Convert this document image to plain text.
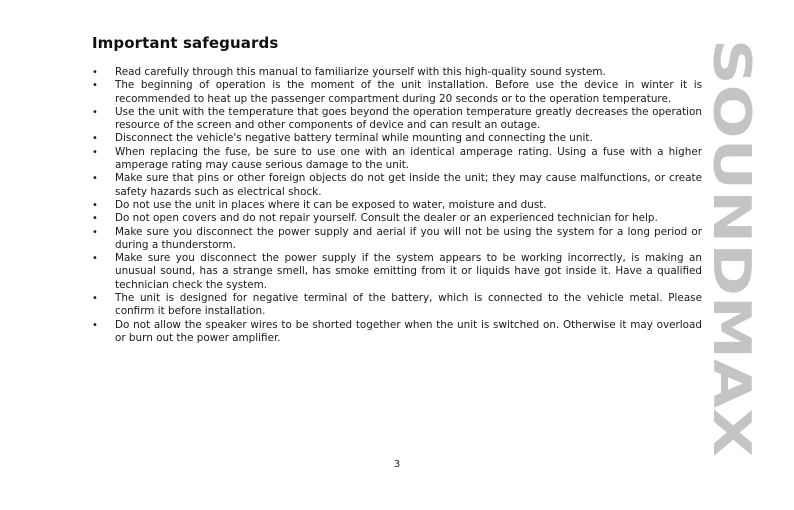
Important safeguards
• Read carefully through this manual to familiarize yourself with this high-quality sound system.
• The beginning of operation is the moment of the unit installation. Before use the device in winter it is recommended to heat up the passenger compartment during 20 seconds or to the operation temperature.
• Use the unit with the temperature that goes beyond the operation temperature greatly decreases the operation resource of the screen and other components of device and can result an outage.
• Disconnect the vehicle's negative battery terminal while mounting and connecting the unit.
• When replacing the fuse, be sure to use one with an identical amperage rating. Using a fuse with a higher amperage rating may cause serious damage to the unit.
• Make sure that pins or other foreign objects do not get inside the unit; they may cause malfunctions, or create safety hazards such as electrical shock.
• Do not use the unit in places where it can be exposed to water, moisture and dust.
• Do not open covers and do not repair yourself. Consult the dealer or an experienced technician for help.
• Make sure you disconnect the power supply and aerial if you will not be using the system for a long period or during a thunderstorm.
• Make sure you disconnect the power supply if the system appears to be working incorrectly, is making an unusual sound, has a strange smell, has smoke emitting from it or liquids have got inside it. Have a qualified technician check the system.
• The unit is designed for negative terminal of the battery, which is connected to the vehicle metal. Please confirm it before installation.
• Do not allow the speaker wires to be shorted together when the unit is switched on. Otherwise it may overload or burn out the power amplifier.	SOUNDMAX
3
